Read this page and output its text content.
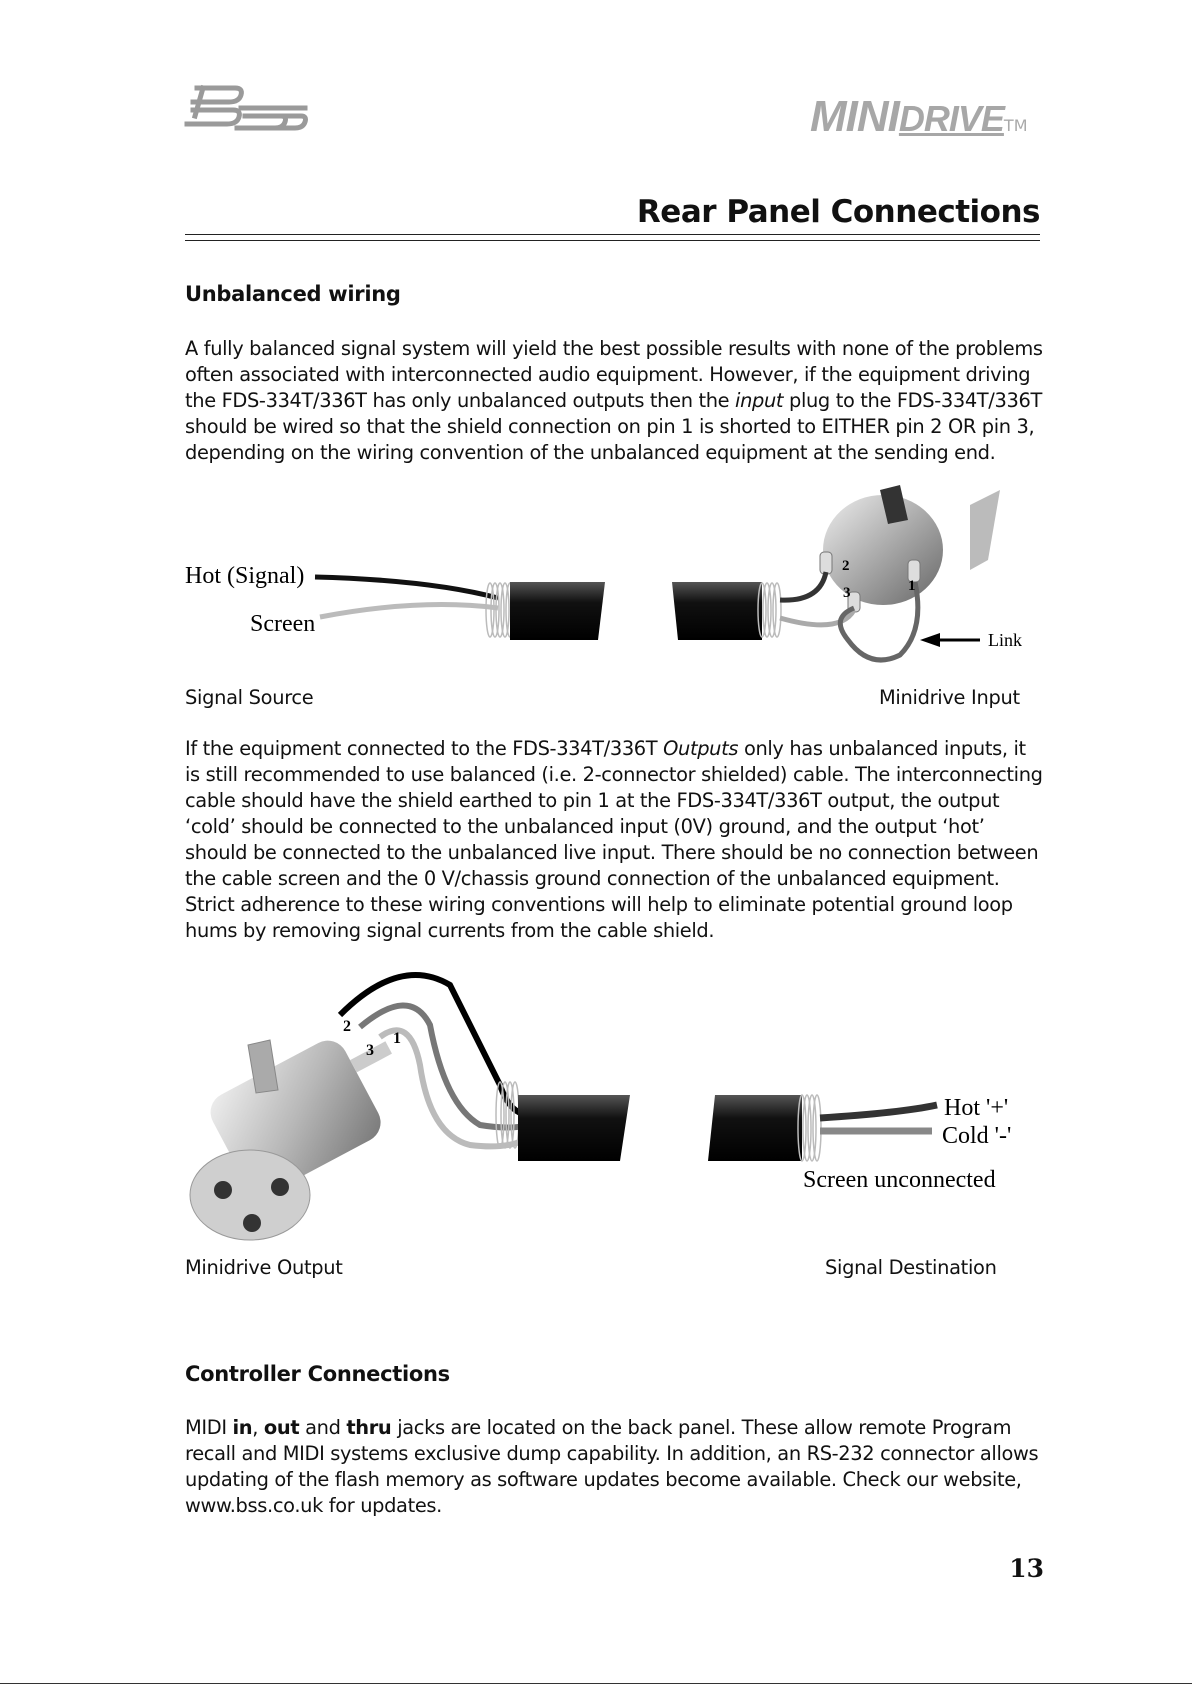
MINIDRIVETM
Rear Panel Connections
Unbalanced wiring

A fully balanced signal system will yield the best possible results with none of the problems often associated with interconnected audio equipment. However, if the equipment driving the FDS-334T/336T has only unbalanced outputs then the input plug to the FDS-334T/336T should be wired so that the shield connection on pin 1 is shorted to EITHER pin 2 OR pin 3, depending on the wiring convention of the unbalanced equipment at the sending end.

2
3	1
Link
Hot (Signal)
Screen
Signal Source	Minidrive Input

If the equipment connected to the FDS-334T/336T Outputs only has unbalanced inputs, it is still recommended to use balanced (i.e. 2-connector shielded) cable. The interconnecting cable should have the shield earthed to pin 1 at the FDS-334T/336T output, the output ‘cold’ should be connected to the unbalanced input (0V) ground, and the output ‘hot’ should be connected to the unbalanced live input. There should be no connection between the cable screen and the 0 V/chassis ground connection of the unbalanced equipment. Strict adherence to these wiring conventions will help to eliminate potential ground loop hums by removing signal currents from the cable shield.

2
3
1
Hot '+'
Cold '-'
Screen unconnected
Minidrive Output	Signal Destination
Controller Connections

MIDI in, out and thru jacks are located on the back panel. These allow remote Program recall and MIDI systems exclusive dump capability. In addition, an RS-232 connector allows updating of the flash memory as software updates become available. Check our website, www.bss.co.uk for updates.

13
